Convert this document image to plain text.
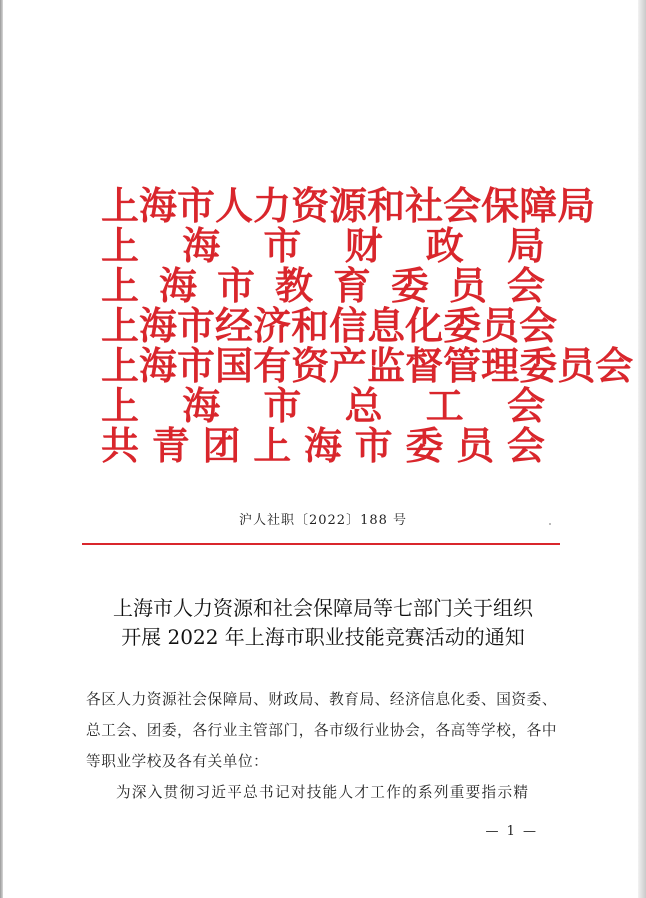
上 海 市 人 力 资 源 和 社 会 保 障 局
上 海 市 财 政 局
上 海 市 教 育 委 员 会
上 海 市 经 济 和 信 息 化 委 员 会
上 海 市 国 有 资 产 监 督 管 理 委 员 会
上 海 市 总 工 会
共 青 团 上 海 市 委 员 会
沪人社职〔2022〕188 号
上海市人力资源和社会保障局等七部门关于组织
开展 2022 年上海市职业技能竞赛活动的通知

各区人力资源社会保障局、财政局、教育局、经济信息化委、国资委、总工会、团委，各行业主管部门，各市级行业协会，各高等学校，各中等职业学校及各有关单位：

为深入贯彻习近平总书记对技能人才工作的系列重要指示精

— 1 —
